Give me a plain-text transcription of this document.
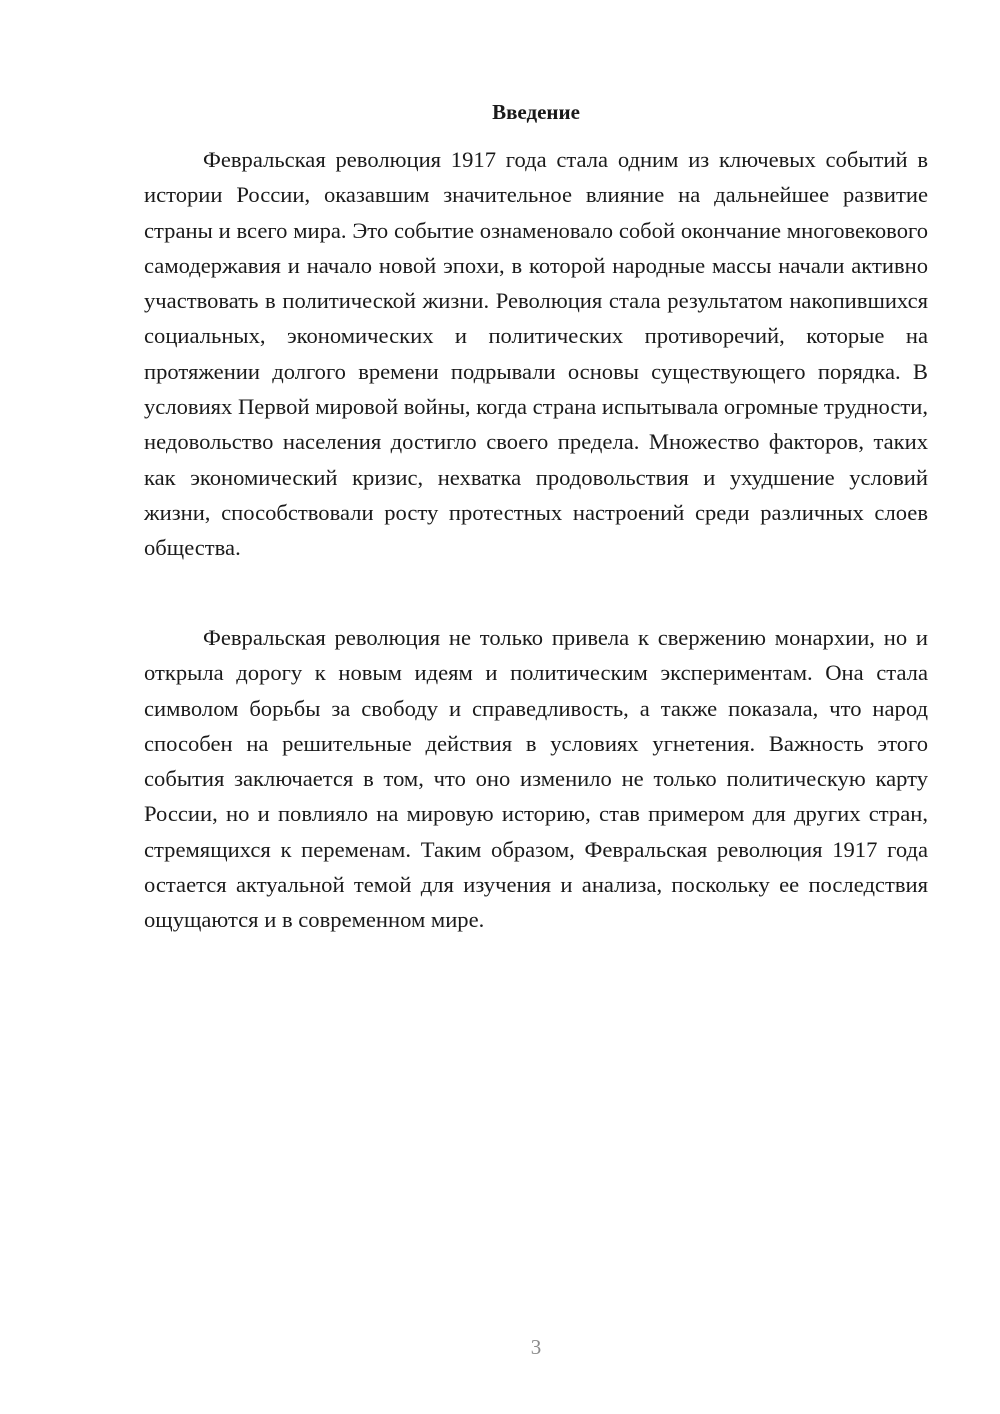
Введение

Февральская революция 1917 года стала одним из ключевых событий в истории России, оказавшим значительное влияние на дальнейшее развитие страны и всего мира. Это событие ознаменовало собой окончание многовекового самодержавия и начало новой эпохи, в которой народные массы начали активно участвовать в политической жизни. Революция стала результатом накопившихся социальных, экономических и политических противоречий, которые на протяжении долгого времени подрывали основы существующего порядка. В условиях Первой мировой войны, когда страна испытывала огромные трудности, недовольство населения достигло своего предела. Множество факторов, таких как экономический кризис, нехватка продовольствия и ухудшение условий жизни, способствовали росту протестных настроений среди различных слоев общества.

Февральская революция не только привела к свержению монархии, но и открыла дорогу к новым идеям и политическим экспериментам. Она стала символом борьбы за свободу и справедливость, а также показала, что народ способен на решительные действия в условиях угнетения. Важность этого события заключается в том, что оно изменило не только политическую карту России, но и повлияло на мировую историю, став примером для других стран, стремящихся к переменам. Таким образом, Февральская революция 1917 года остается актуальной темой для изучения и анализа, поскольку ее последствия ощущаются и в современном мире.

3
